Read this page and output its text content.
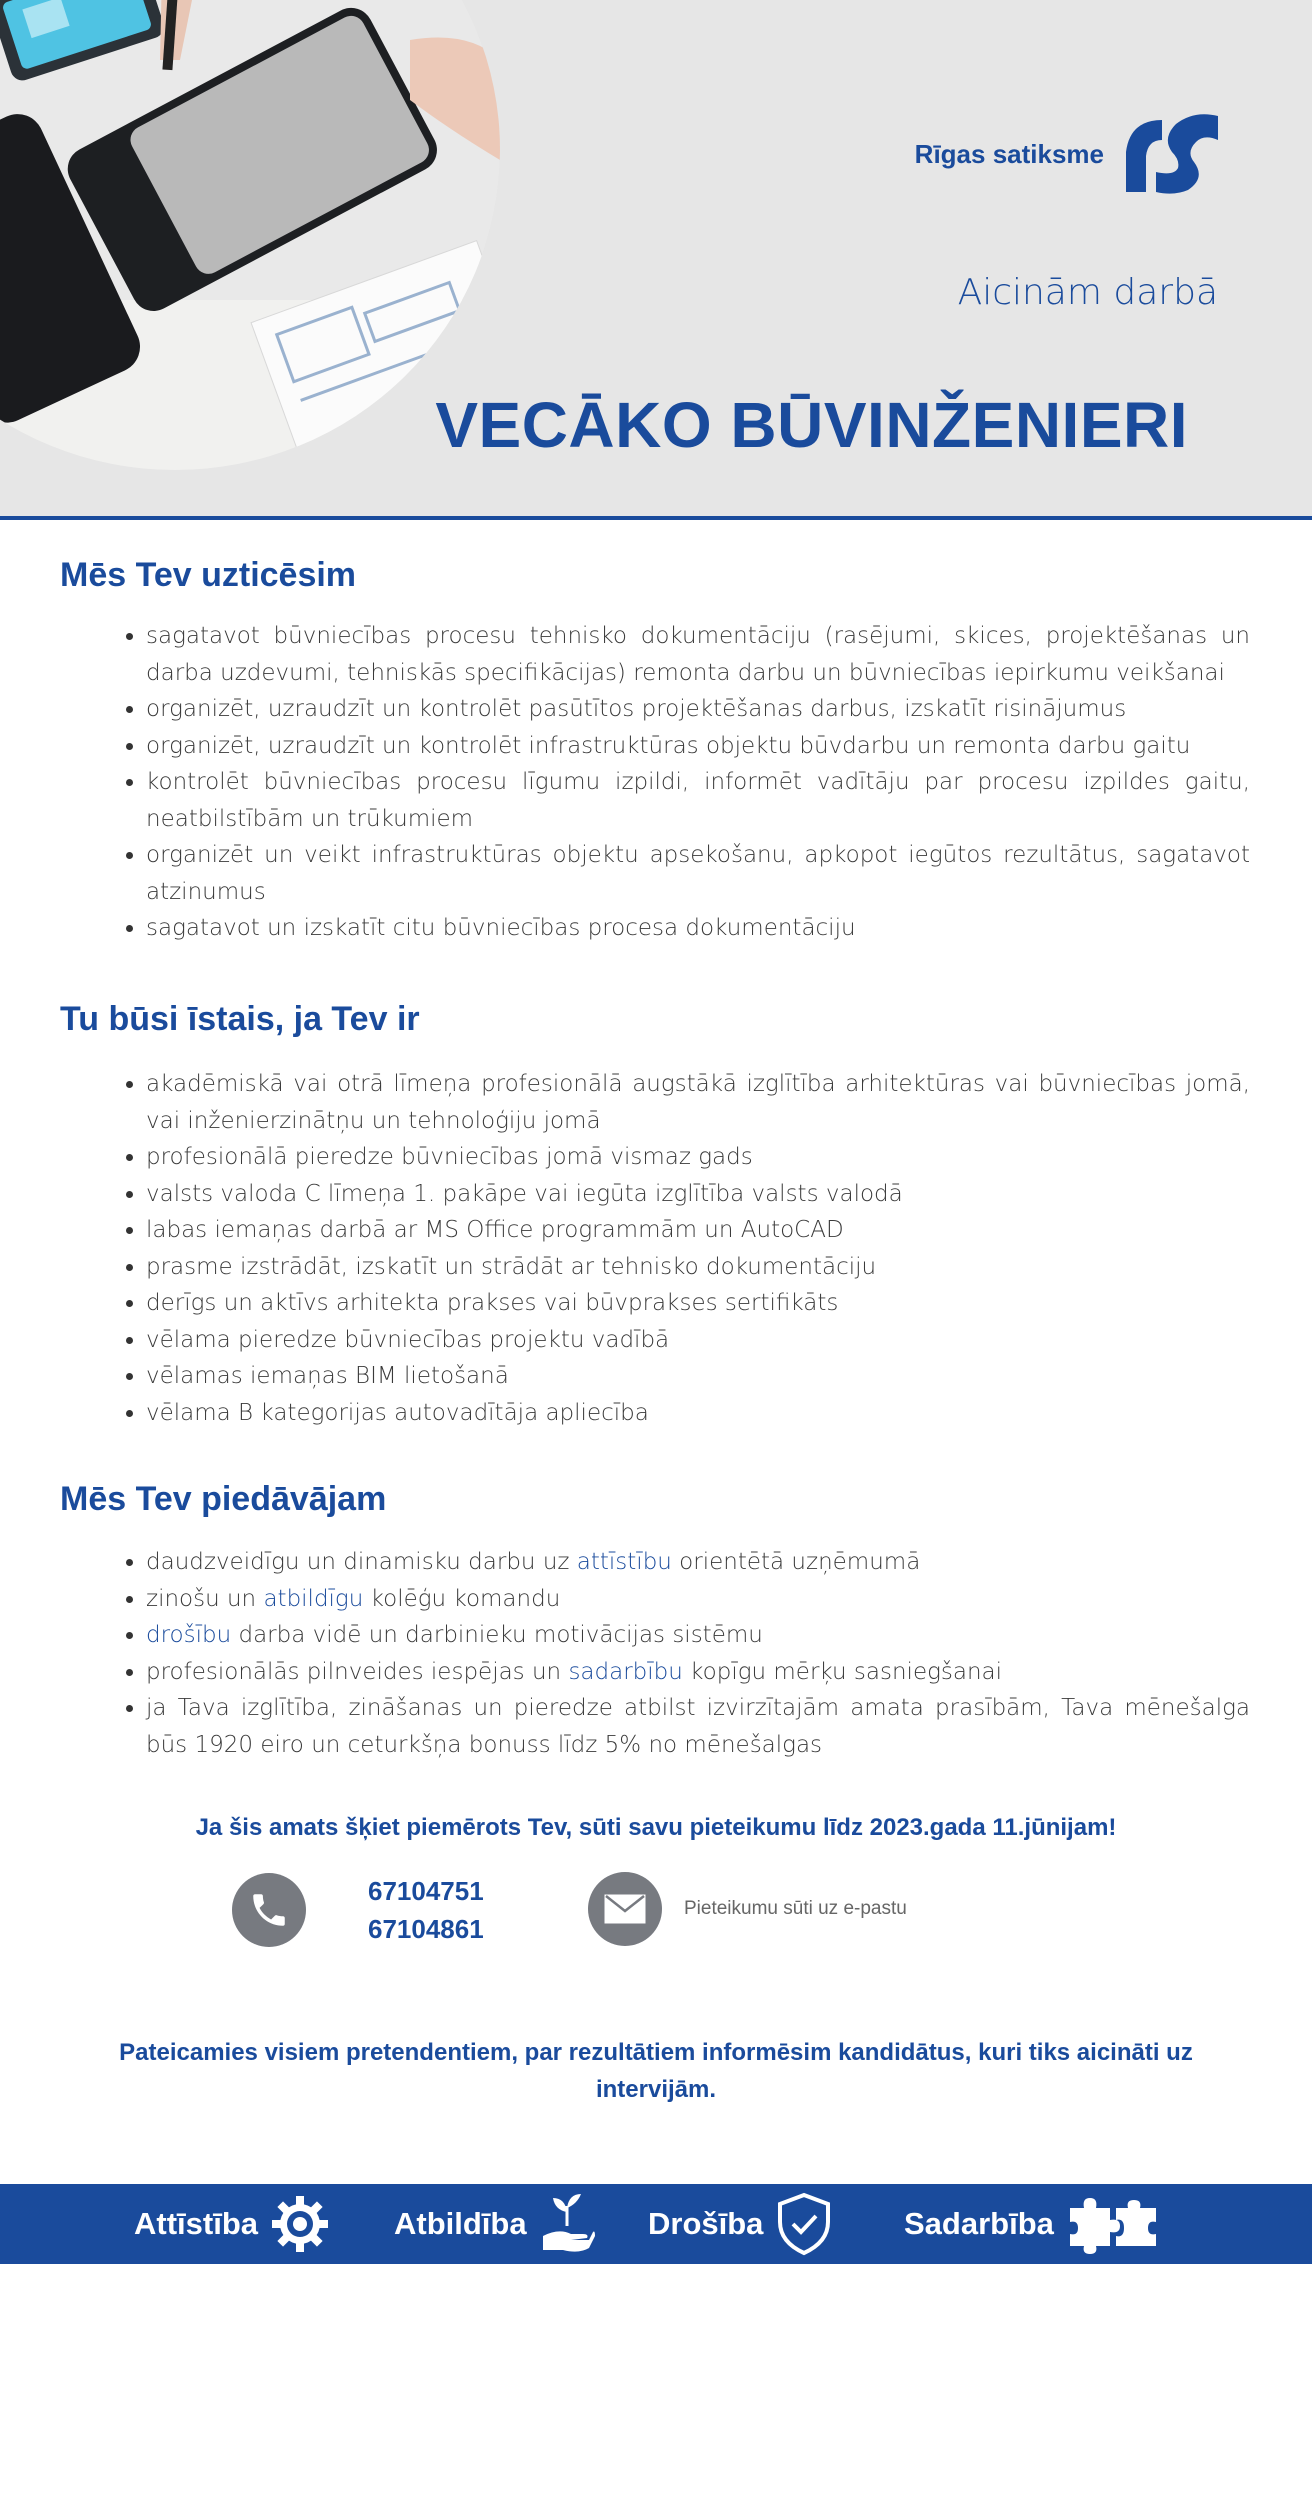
Rīgas satiksme
Aicinām darbā
VECĀKO BŪVINŽENIERI
Mēs Tev uzticēsim
• sagatavot būvniecības procesu tehnisko dokumentāciju (rasējumi, skices, projektēšanas un darba uzdevumi, tehniskās specifikācijas) remonta darbu un būvniecības iepirkumu veikšanai
• organizēt, uzraudzīt un kontrolēt pasūtītos projektēšanas darbus, izskatīt risinājumus
• organizēt, uzraudzīt un kontrolēt infrastruktūras objektu būvdarbu un remonta darbu gaitu
• kontrolēt būvniecības procesu līgumu izpildi, informēt vadītāju par procesu izpildes gaitu, neatbilstībām un trūkumiem
• organizēt un veikt infrastruktūras objektu apsekošanu, apkopot iegūtos rezultātus, sagatavot atzinumus
• sagatavot un izskatīt citu būvniecības procesa dokumentāciju
Tu būsi īstais, ja Tev ir
• akadēmiskā vai otrā līmeņa profesionālā augstākā izglītība arhitektūras vai būvniecības jomā, vai inženierzinātņu un tehnoloģiju jomā
• profesionālā pieredze būvniecības jomā vismaz gads
• valsts valoda C līmeņa 1. pakāpe vai iegūta izglītība valsts valodā
• labas iemaņas darbā ar MS Office programmām un AutoCAD
• prasme izstrādāt, izskatīt un strādāt ar tehnisko dokumentāciju
• derīgs un aktīvs arhitekta prakses vai būvprakses sertifikāts
• vēlama pieredze būvniecības projektu vadībā
• vēlamas iemaņas BIM lietošanā
• vēlama B kategorijas autovadītāja apliecība
Mēs Tev piedāvājam
• daudzveidīgu un dinamisku darbu uz attīstību orientētā uzņēmumā
• zinošu un atbildīgu kolēģu komandu
• drošību darba vidē un darbinieku motivācijas sistēmu
• profesionālās pilnveides iespējas un sadarbību kopīgu mērķu sasniegšanai
• ja Tava izglītība, zināšanas un pieredze atbilst izvirzītajām amata prasībām, Tava mēnešalga būs 1920 eiro un ceturkšņa bonuss līdz 5% no mēnešalgas
Ja šis amats šķiet piemērots Tev, sūti savu pieteikumu līdz 2023.gada 11.jūnijam!
67104751
67104861
Pieteikumu sūti uz e-pastu
Pateicamies visiem pretendentiem, par rezultātiem informēsim kandidātus, kuri tiks aicināti uz intervijām.
Attīstība	Atbildība	Drošība	Sadarbība
